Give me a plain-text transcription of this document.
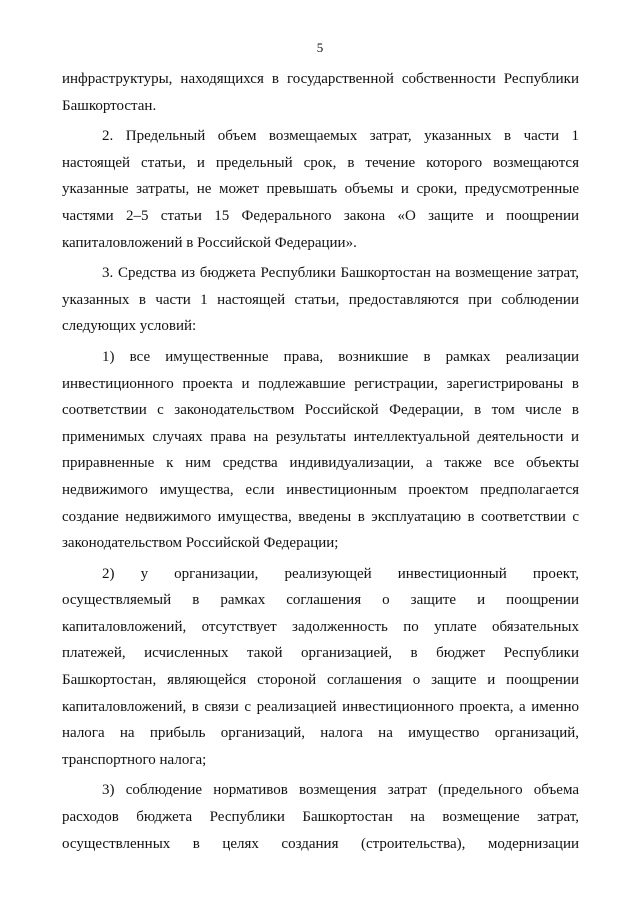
5

инфраструктуры, находящихся в государственной собственности Республики Башкортостан.

2. Предельный объем возмещаемых затрат, указанных в части 1 настоящей статьи, и предельный срок, в течение которого возмещаются указанные затраты, не может превышать объемы и сроки, предусмотренные частями 2–5 статьи 15 Федерального закона «О защите и поощрении капиталовложений в Российской Федерации».

3. Средства из бюджета Республики Башкортостан на возмещение затрат, указанных в части 1 настоящей статьи, предоставляются при соблюдении следующих условий:

1) все имущественные права, возникшие в рамках реализации инвестиционного проекта и подлежавшие регистрации, зарегистрированы в соответствии с законодательством Российской Федерации, в том числе в применимых случаях права на результаты интеллектуальной деятельности и приравненные к ним средства индивидуализации, а также все объекты недвижимого имущества, если инвестиционным проектом предполагается создание недвижимого имущества, введены в эксплуатацию в соответствии с законодательством Российской Федерации;

2) у организации, реализующей инвестиционный проект, осуществляемый в рамках соглашения о защите и поощрении капиталовложений, отсутствует задолженность по уплате обязательных платежей, исчисленных такой организацией, в бюджет Республики Башкортостан, являющейся стороной соглашения о защите и поощрении капиталовложений, в связи с реализацией инвестиционного проекта, а именно налога на прибыль организаций, налога на имущество организаций, транспортного налога;

3) соблюдение нормативов возмещения затрат (предельного объема расходов бюджета Республики Башкортостан на возмещение затрат, осуществленных в целях создания (строительства), модернизации
